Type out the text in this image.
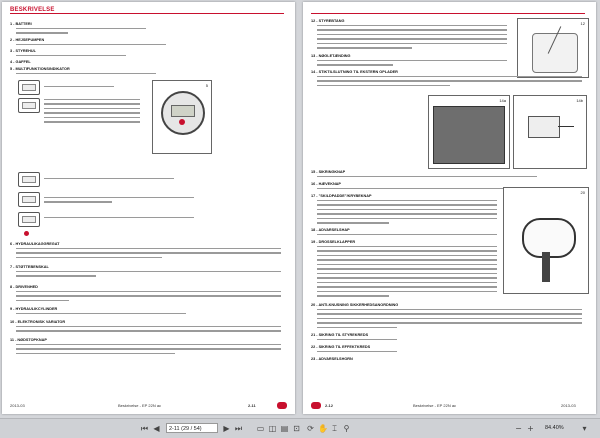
BESKRIVELSE
1 - BATTERI
2 - HEJSEPUMPEN
3 - STYREHUL
4 - GAFFEL
5 - MULTIFUNKTIONSINDIKATOR
5
6 - HYDRAULIKAGGREGAT
7 - STØTTEBENSKAL
8 - DRIVENHED
9 - HYDRAULIKCYLINDER
10 - ELEKTRONISK VARIATOR
11 - NØDSTOPKNAP
2013-03	Beskrivelse - EP 22N ac	2-11
12 - STYREBTANG	12
13 - NØGLETÆNDING
14 - STIKTILSLUTNING TIL EKSTERN OPLADER
14a	14b
15 - SIKRINGKNAP
16 - HÆVEKNAP
17 - "SKILDPADDE"/KRYBEKNAP
18 - ADVARSELSHAP
19 - DROSSELKLAPPER
20
20 - ANTI-KNUSNING SIKKERHEDSANORDNING
21 - SIKRING TIL STYREKREDS
22 - SIKRING TIL EFFEKTKREDS
23 - ADVARSELSHORN
2-12	Beskrivelse - EP 22N ac	2013-03
⏮ ◀	2-11 (29 / 54)	▶ ⏭ ▭ ◫ ▤ ⊡ ⟳ ✋ ⌶ ⚲	− + 84.40%	▾
